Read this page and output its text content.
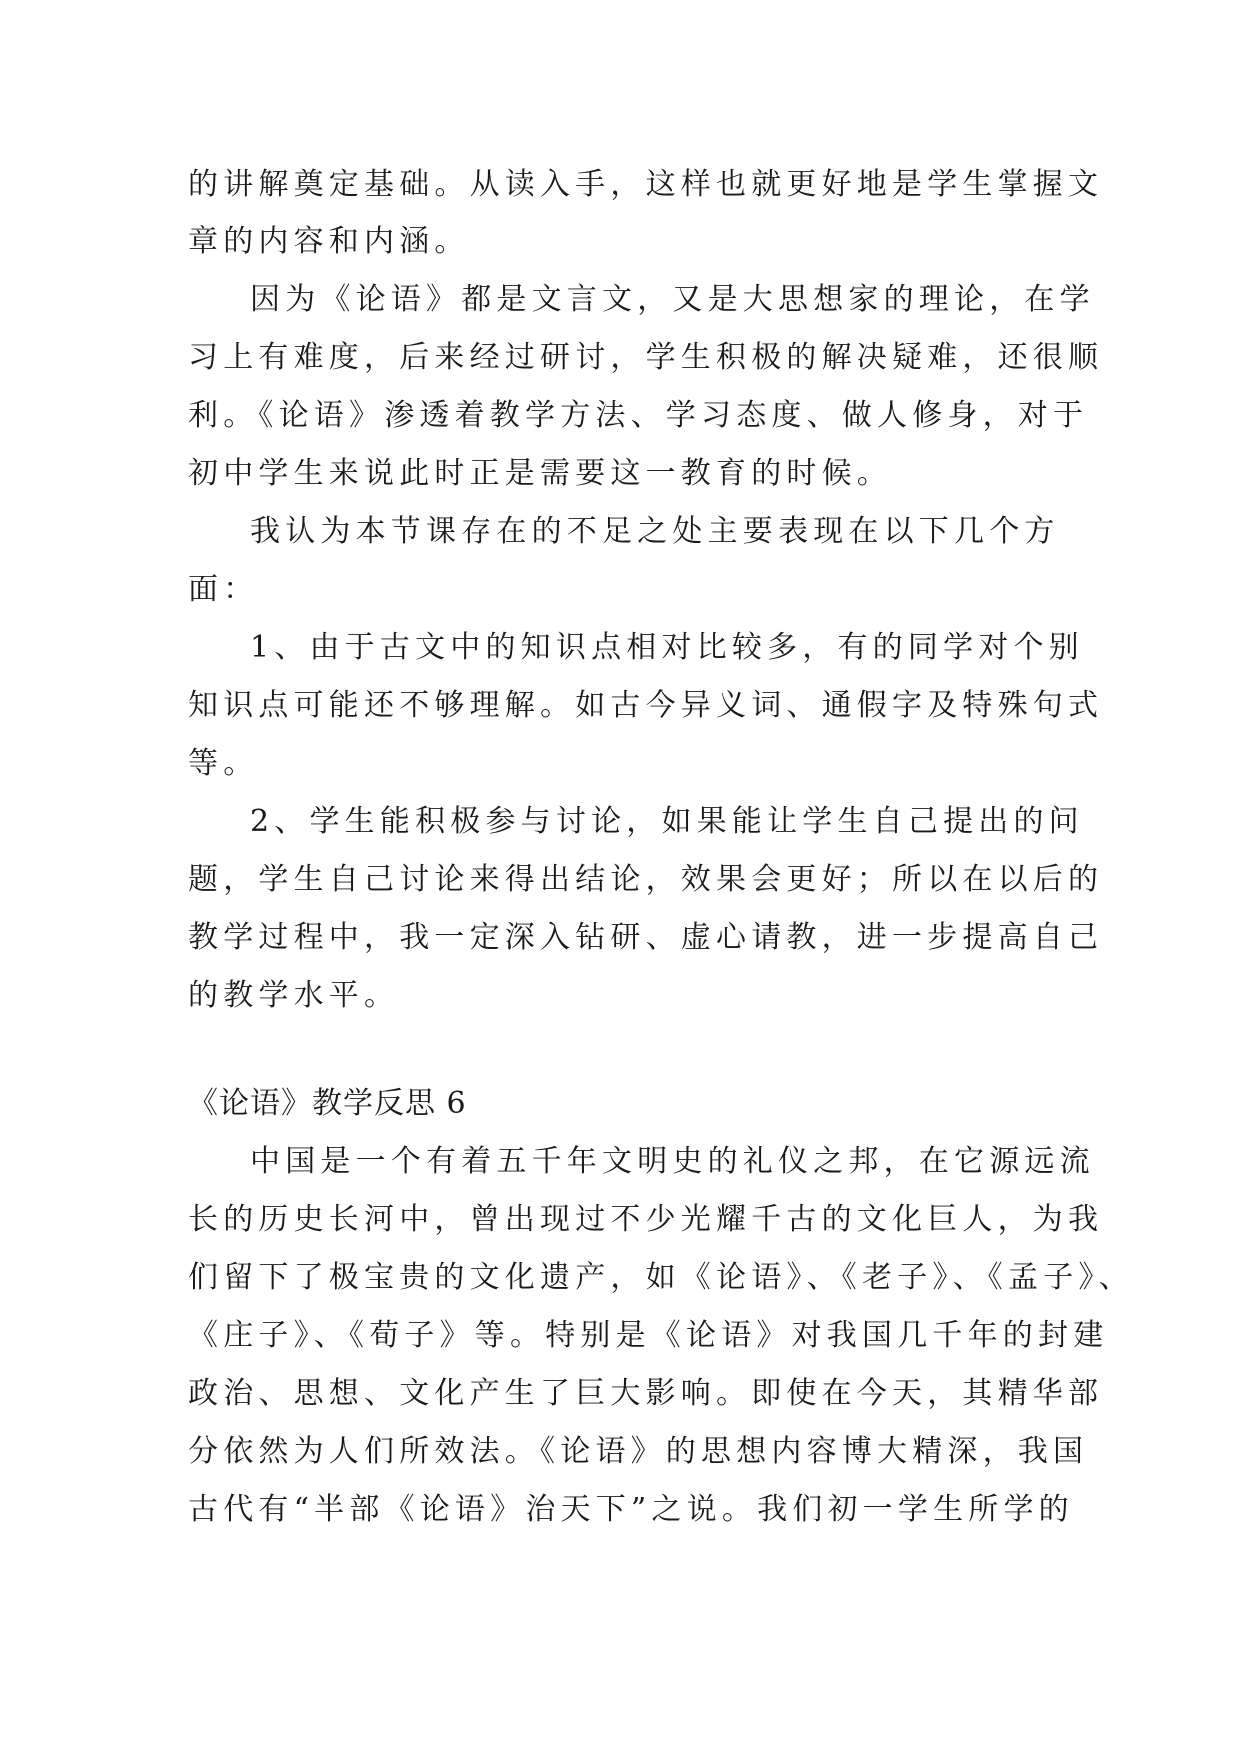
的讲解奠定基础。从读入手，这样也就更好地是学生掌握文
章的内容和内涵。
因为《论语》都是文言文，又是大思想家的理论，在学
习上有难度，后来经过研讨，学生积极的解决疑难，还很顺
利。《论语》渗透着教学方法、学习态度、做人修身，对于
初中学生来说此时正是需要这一教育的时候。
我认为本节课存在的不足之处主要表现在以下几个方
面：
1、由于古文中的知识点相对比较多，有的同学对个别
知识点可能还不够理解。如古今异义词、通假字及特殊句式
等。
2、学生能积极参与讨论，如果能让学生自己提出的问
题，学生自己讨论来得出结论，效果会更好；所以在以后的
教学过程中，我一定深入钻研、虚心请教，进一步提高自己
的教学水平。
《论语》教学反思 6
中国是一个有着五千年文明史的礼仪之邦，在它源远流
长的历史长河中，曾出现过不少光耀千古的文化巨人，为我
们留下了极宝贵的文化遗产，如《论语》、《老子》、《孟子》、
《庄子》、《荀子》等。特别是《论语》对我国几千年的封建
政治、思想、文化产生了巨大影响。即使在今天，其精华部
分依然为人们所效法。《论语》的思想内容博大精深，我国
古代有“半部《论语》治天下”之说。我们初一学生所学的
